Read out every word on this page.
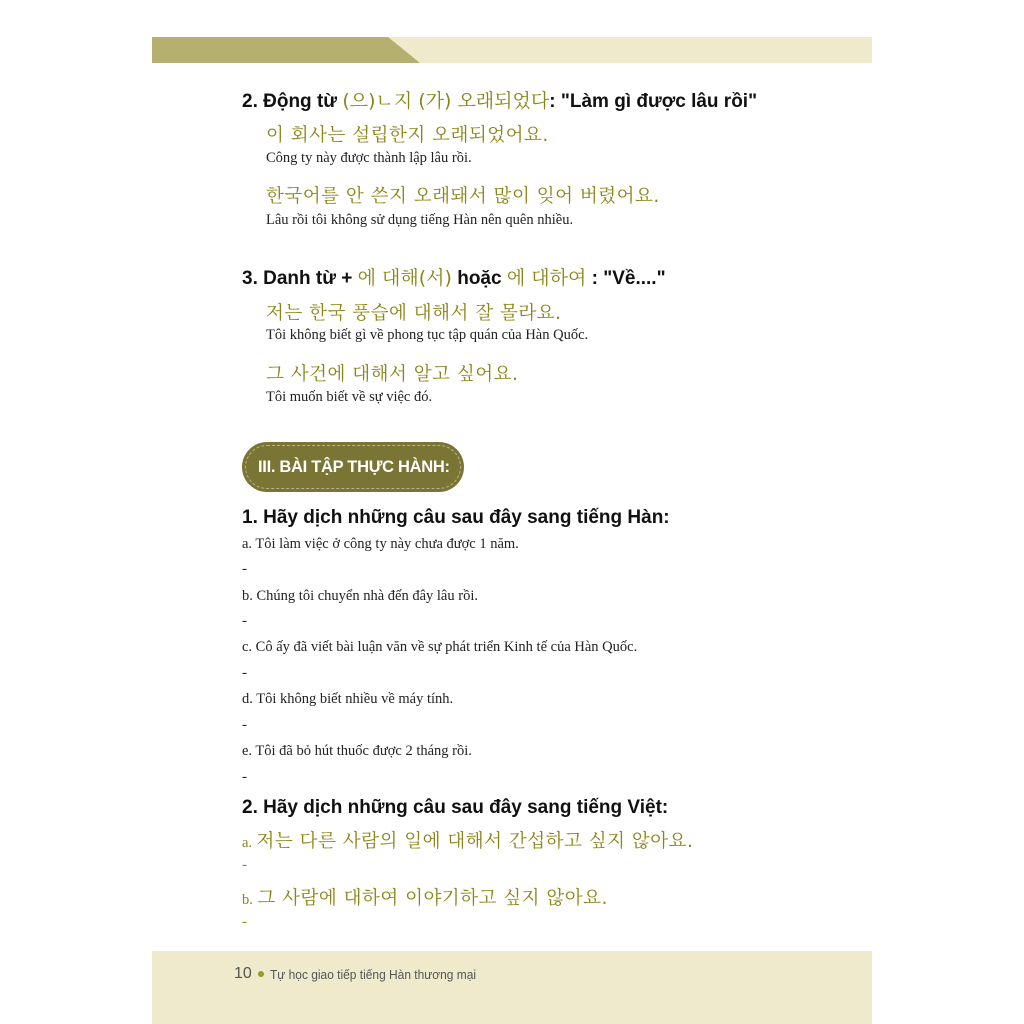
2. Động từ (으)ㄴ지 (가) 오래되었다: "Làm gì được lâu rồi"
이 회사는 설립한지 오래되었어요.
Công ty này được thành lập lâu rồi.
한국어를 안 쓴지 오래돼서 많이 잊어 버렸어요.
Lâu rồi tôi không sử dụng tiếng Hàn nên quên nhiều.
3. Danh từ + 에 대해(서) hoặc 에 대하여 : "Về...."
저는 한국 풍습에 대해서 잘 몰라요.
Tôi không biết gì về phong tục tập quán của Hàn Quốc.
그 사건에 대해서 알고 싶어요.
Tôi muốn biết về sự việc đó.
III. BÀI TẬP THỰC HÀNH:
1. Hãy dịch những câu sau đây sang tiếng Hàn:
a. Tôi làm việc ở công ty này chưa được 1 năm.
-
b. Chúng tôi chuyển nhà đến đây lâu rồi.
-
c. Cô ấy đã viết bài luận văn về sự phát triển Kinh tế của Hàn Quốc.
-
d. Tôi không biết nhiều về máy tính.
-
e. Tôi đã bỏ hút thuốc được 2 tháng rồi.
-
2. Hãy dịch những câu sau đây sang tiếng Việt:
a. 저는 다른 사람의 일에 대해서 간섭하고 싶지 않아요.
-
b. 그 사람에 대하여 이야기하고 싶지 않아요.
-
10 Tự học giao tiếp tiếng Hàn thương mại
